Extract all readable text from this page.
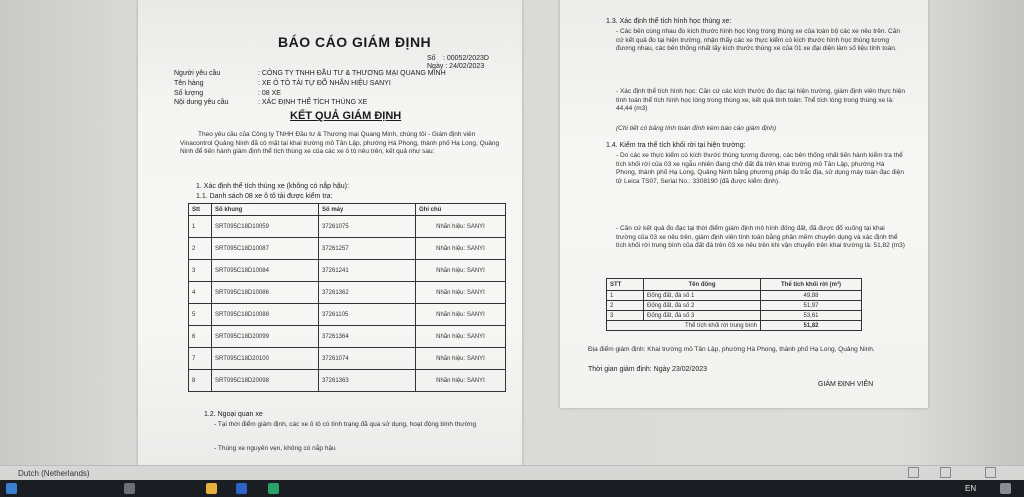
BÁO CÁO GIÁM ĐỊNH
Số : 00052/2023D
Ngày : 24/02/2023
Người yêu cầu	: CÔNG TY TNHH ĐẦU TƯ & THƯƠNG MẠI QUANG MINH
Tên hàng	: XE Ô TÔ TẢI TỰ ĐỔ NHÃN HIỆU SANYI
Số lượng	: 08 XE
Nội dung yêu cầu	: XÁC ĐỊNH THỂ TÍCH THÙNG XE
KẾT QUẢ GIÁM ĐỊNH
Theo yêu cầu của Công ty TNHH Đầu tư & Thương mại Quang Minh, chúng tôi - Giám định viên Vinacontrol Quảng Ninh đã có mặt tại khai trường mỏ Tân Lập, phường Hà Phong, thành phố Hạ Long, Quảng Ninh để tiến hành giám định thể tích thùng xe của các xe ô tô nêu trên, kết quả như sau:
1. Xác định thể tích thùng xe (không có nắp hậu):
1.1. Danh sách 08 xe ô tô tải được kiểm tra:
Stt	Số khung	Số máy	Ghi chú
1	SRT095C18D10059	37261075	Nhãn hiệu: SANYI
2	SRT095C18D10087	37261257	Nhãn hiệu: SANYI
3	SRT095C18D10084	37261241	Nhãn hiệu: SANYI
4	SRT095C18D10086	37261362	Nhãn hiệu: SANYI
5	SRT095C18D10088	37261105	Nhãn hiệu: SANYI
6	SRT095C18D20099	37261364	Nhãn hiệu: SANYI
7	SRT095C18D20100	37261074	Nhãn hiệu: SANYI
8	SRT095C18D20098	37261363	Nhãn hiệu: SANYI
1.2. Ngoại quan xe
- Tại thời điểm giám định, các xe ô tô có tình trạng đã qua sử dụng, hoạt động bình thường
- Thùng xe nguyên vẹn, không có nắp hậu
1.3. Xác định thể tích hình học thùng xe:
- Các bên cùng nhau đo kích thước hình học lòng trong thùng xe của toàn bộ các xe nêu trên. Căn cứ kết quả đo tại hiện trường, nhận thấy các xe thực kiểm có kích thước hình học thùng tương đương nhau, các bên thống nhất lấy kích thước thùng xe của 01 xe đại diện làm số liệu tính toán.
- Xác định thể tích hình học: Căn cứ các kích thước đo đạc tại hiện trường, giám định viên thực hiện tính toán thể tích hình học lòng trong thùng xe, kết quả tính toán: Thể tích lòng trong thùng xe là: 44,44 (m3)
(Chi tiết có bảng tính toán đính kèm báo cáo giám định)
1.4. Kiểm tra thể tích khối rời tại hiện trường:
- Do các xe thực kiểm có kích thước thùng tương đương, các bên thống nhất tiến hành kiểm tra thể tích khối rời của 03 xe ngẫu nhiên đang chở đất đá trên khai trường mỏ Tân Lập, phường Hà Phong, thành phố Hạ Long, Quảng Ninh bằng phương pháp đo trắc địa, sử dụng máy toàn đạc điện tử Leica TS07, Serial No.: 3308190 (đã được kiểm định).
- Căn cứ kết quả đo đạc tại thời điểm giám định mô hình đống đất, đã được đổ xuống tại khai trường của 03 xe nêu trên, giám định viên tính toán bằng phần mềm chuyên dụng và xác định thể tích khối rời trung bình của đất đá trên 03 xe nêu trên khi vận chuyển trên khai trường là: 51,82 (m3)
STT	Tên đống	Thể tích khối rời (m³)
1	Đống đất, đá số 1	49,88
2	Đống đất, đá số 2	51,97
3	Đống đất, đá số 3	53,61
Thể tích khối rời trung bình		51,82
Địa điểm giám định: Khai trường mỏ Tân Lập, phường Hà Phong, thành phố Hạ Long, Quảng Ninh.
Thời gian giám định: Ngày 23/02/2023
GIÁM ĐỊNH VIÊN
Dutch (Netherlands)
EN
